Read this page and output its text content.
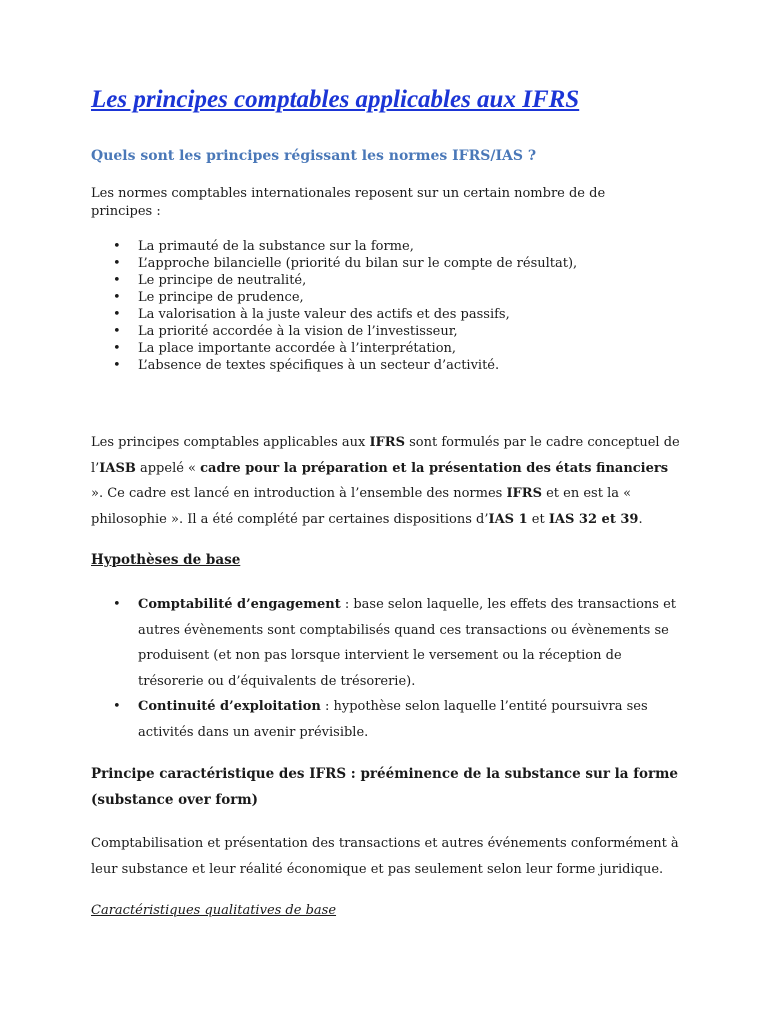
Les principes comptables applicables aux IFRS
Quels sont les principes régissant les normes IFRS/IAS ?
Les normes comptables internationales reposent sur un certain nombre de de principes :
• La primauté de la substance sur la forme,
• L’approche bilancielle (priorité du bilan sur le compte de résultat),
• Le principe de neutralité,
• Le principe de prudence,
• La valorisation à la juste valeur des actifs et des passifs,
• La priorité accordée à la vision de l’investisseur,
• La place importante accordée à l’interprétation,
• L’absence de textes spécifiques à un secteur d’activité.
Les principes comptables applicables aux IFRS sont formulés par le cadre conceptuel de l’IASB appelé « cadre pour la préparation et la présentation des états financiers ». Ce cadre est lancé en introduction à l’ensemble des normes IFRS et en est la « philosophie ». Il a été complété par certaines dispositions d’IAS 1 et IAS 32 et 39.
Hypothèses de base
• Comptabilité d’engagement : base selon laquelle, les effets des transactions et autres évènements sont comptabilisés quand ces transactions ou évènements se produisent (et non pas lorsque intervient le versement ou la réception de trésorerie ou d’équivalents de trésorerie).
• Continuité d’exploitation : hypothèse selon laquelle l’entité poursuivra ses activités dans un avenir prévisible.
Principe caractéristique des IFRS : prééminence de la substance sur la forme (substance over form)
Comptabilisation et présentation des transactions et autres événements conformément à leur substance et leur réalité économique et pas seulement selon leur forme juridique.
Caractéristiques qualitatives de base
